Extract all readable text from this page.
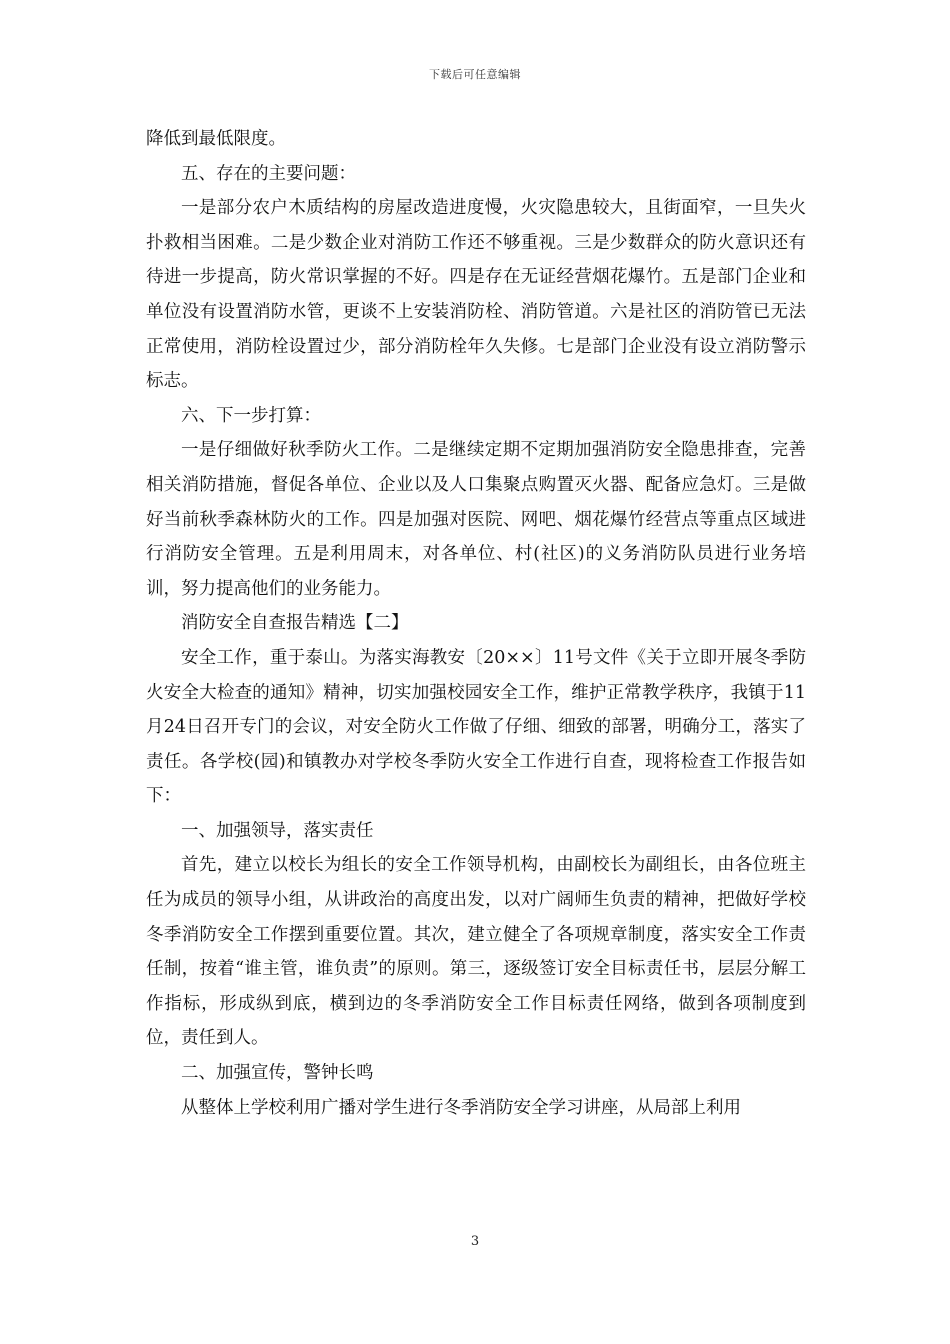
下载后可任意编辑

降低到最低限度。

五、存在的主要问题：

一是部分农户木质结构的房屋改造进度慢，火灾隐患较大，且街面窄，一旦失火扑救相当困难。二是少数企业对消防工作还不够重视。三是少数群众的防火意识还有待进一步提高，防火常识掌握的不好。四是存在无证经营烟花爆竹。五是部门企业和单位没有设置消防水管，更谈不上安装消防栓、消防管道。六是社区的消防管已无法正常使用，消防栓设置过少，部分消防栓年久失修。七是部门企业没有设立消防警示标志。

六、下一步打算：

一是仔细做好秋季防火工作。二是继续定期不定期加强消防安全隐患排查，完善相关消防措施，督促各单位、企业以及人口集聚点购置灭火器、配备应急灯。三是做好当前秋季森林防火的工作。四是加强对医院、网吧、烟花爆竹经营点等重点区域进行消防安全管理。五是利用周末，对各单位、村(社区)的义务消防队员进行业务培训，努力提高他们的业务能力。

消防安全自查报告精选【二】

安全工作，重于泰山。为落实海教安〔20××〕11号文件《关于立即开展冬季防火安全大检查的通知》精神，切实加强校园安全工作，维护正常教学秩序，我镇于11月24日召开专门的会议，对安全防火工作做了仔细、细致的部署，明确分工，落实了责任。各学校(园)和镇教办对学校冬季防火安全工作进行自查，现将检查工作报告如下：

一、加强领导，落实责任

首先，建立以校长为组长的安全工作领导机构，由副校长为副组长，由各位班主任为成员的领导小组，从讲政治的高度出发，以对广阔师生负责的精神，把做好学校冬季消防安全工作摆到重要位置。其次，建立健全了各项规章制度，落实安全工作责任制，按着“谁主管，谁负责”的原则。第三，逐级签订安全目标责任书，层层分解工作指标，形成纵到底，横到边的冬季消防安全工作目标责任网络，做到各项制度到位，责任到人。

二、加强宣传，警钟长鸣

从整体上学校利用广播对学生进行冬季消防安全学习讲座，从局部上利用

3
